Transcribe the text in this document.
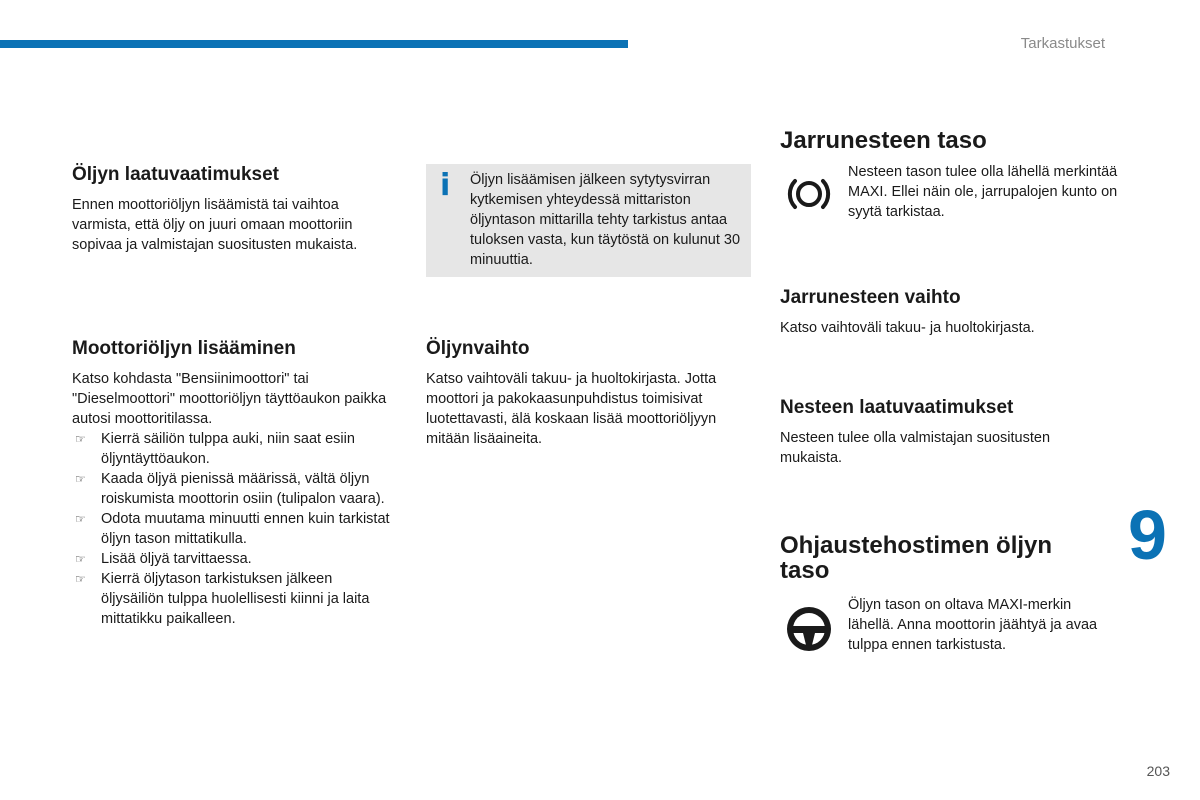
Tarkastukset
Öljyn laatuvaatimukset

Ennen moottoriöljyn lisäämistä tai vaihtoa varmista, että öljy on juuri omaan moottoriin sopivaa ja valmistajan suositusten mukaista.

Moottoriöljyn lisääminen

Katso kohdasta "Bensiinimoottori" tai "Dieselmoottori" moottoriöljyn täyttöaukon paikka autosi moottoritilassa.

☞ Kierrä säiliön tulppa auki, niin saat esiin öljyntäyttöaukon.
☞ Kaada öljyä pienissä määrissä, vältä öljyn roiskumista moottorin osiin (tulipalon vaara).
☞ Odota muutama minuutti ennen kuin tarkistat öljyn tason mittatikulla.
☞ Lisää öljyä tarvittaessa.
☞ Kierrä öljytason tarkistuksen jälkeen öljysäiliön tulppa huolellisesti kiinni ja laita mittatikku paikalleen.
i Öljyn lisäämisen jälkeen sytytysvirran kytkemisen yhteydessä mittariston öljyntason mittarilla tehty tarkistus antaa tuloksen vasta, kun täytöstä on kulunut 30 minuuttia.

Öljynvaihto

Katso vaihtoväli takuu- ja huoltokirjasta. Jotta moottori ja pakokaasunpuhdistus toimisivat luotettavasti, älä koskaan lisää moottoriöljyyn mitään lisäaineita.

Jarrunesteen taso

Nesteen tason tulee olla lähellä merkintää MAXI. Ellei näin ole, jarrupalojen kunto on syytä tarkistaa.

Jarrunesteen vaihto

Katso vaihtoväli takuu- ja huoltokirjasta.

Nesteen laatuvaatimukset

Nesteen tulee olla valmistajan suositusten mukaista.

Ohjaustehostimen öljyn taso

Öljyn tason on oltava MAXI-merkin lähellä. Anna moottorin jäähtyä ja avaa tulppa ennen tarkistusta.

9
203
